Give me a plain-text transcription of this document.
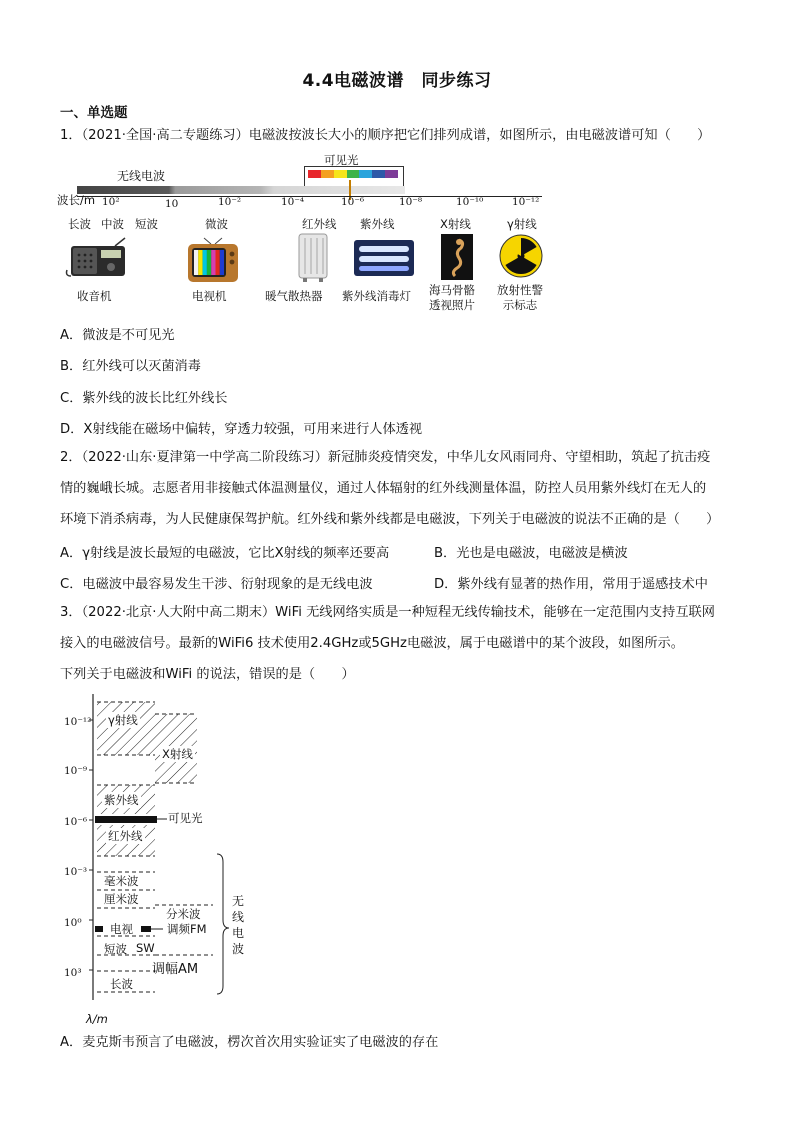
4.4电磁波谱　同步练习
一、单选题
1．（2021·全国·高二专题练习）电磁波按波长大小的顺序把它们排列成谱，如图所示，由电磁波谱可知（　　）
可见光
无线电波
波长/m 10²	10	10⁻²	10⁻⁴	10⁻⁶	10⁻⁸	10⁻¹⁰	10⁻¹²
长波 中波 短波	微波	红外线 紫外线	X射线	γ射线
收音机	电视机	暖气散热器 紫外线消毒灯 海马骨骼
透视照片
放射性警
示标志
A．微波是不可见光
B．红外线可以灭菌消毒
C．紫外线的波长比红外线长
D．X射线能在磁场中偏转，穿透力较强，可用来进行人体透视
2．（2022·山东·夏津第一中学高二阶段练习）新冠肺炎疫情突发，中华儿女风雨同舟、守望相助，筑起了抗击疫
情的巍峨长城。志愿者用非接触式体温测量仪，通过人体辐射的红外线测量体温，防控人员用紫外线灯在无人的
环境下消杀病毒，为人民健康保驾护航。红外线和紫外线都是电磁波，下列关于电磁波的说法不正确的是（　　）
A．γ射线是波长最短的电磁波，它比X射线的频率还要高	B．光也是电磁波，电磁波是横波
C．电磁波中最容易发生干涉、衍射现象的是无线电波	D．紫外线有显著的热作用，常用于遥感技术中
3．（2022·北京·人大附中高二期末）WiFi 无线网络实质是一种短程无线传输技术，能够在一定范围内支持互联网
接入的电磁波信号。最新的WiFi6 技术使用2.4GHz或5GHz电磁波，属于电磁谱中的某个波段，如图所示。
下列关于电磁波和WiFi 的说法，错误的是（　　）
10⁻¹²
10⁻⁹
10⁻⁶
10⁻³
10⁰
10³
γ射线
X射线
紫外线
可见光
红外线
毫米波
厘米波
分米波
电视	调频FM
短波 SW
调幅AM
长波
λ/m
无
线
电
波
A．麦克斯韦预言了电磁波，楞次首次用实验证实了电磁波的存在
